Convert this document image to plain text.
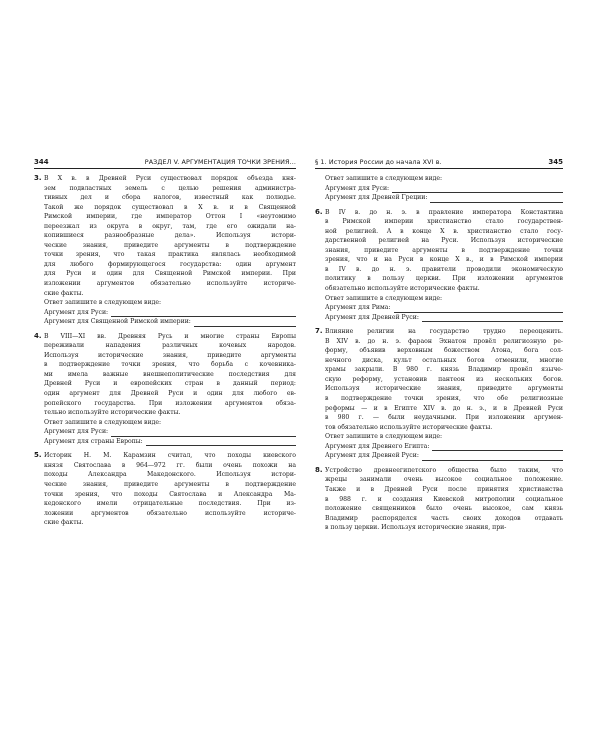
344	РАЗДЕЛ V. АРГУМЕНТАЦИЯ ТОЧКИ ЗРЕНИЯ...
3. В X в. в Древней Руси существовал порядок объезда кня-
зем подвластных земель с целью решения администра-
тивных дел и сбора налогов, известный как полюдье.
Такой же порядок существовал в X в. и в Священной
Римской империи, где император Оттон I «неутомимо
переезжал из округа в округ, там, где его ожидали на-
копившиеся разнообразные дела». Используя истори-
ческие знания, приведите аргументы в подтверждение
точки зрения, что такая практика являлась необходимой
для любого формирующегося государства: один аргумент
для Руси и один для Священной Римской империи. При
изложении аргументов обязательно используйте историче-
ские факты.
Ответ запишите в следующем виде:
Аргумент для Руси:
Аргумент для Священной Римской империи:
4. В VIII—XI вв. Древняя Русь и многие страны Европы
переживали нападения различных кочевых народов.
Используя исторические знания, приведите аргументы
в подтверждение точки зрения, что борьба с кочевника-
ми имела важные внешнеполитические последствия для
Древней Руси и европейских стран в данный период:
один аргумент для Древней Руси и один для любого ев-
ропейского государства. При изложении аргументов обяза-
тельно используйте исторические факты.
Ответ запишите в следующем виде:
Аргумент для Руси:
Аргумент для страны Европы:
5. Историк Н. М. Карамзин считал, что походы киевского
князя Святослава в 964—972 гг. были очень похожи на
походы Александра Македонского. Используя истори-
ческие знания, приведите аргументы в подтверждение
точки зрения, что походы Святослава и Александра Ма-
кедонского имели отрицательные последствия. При из-
ложении аргументов обязательно используйте историче-
ские факты.
§ 1. История России до начала XVI в.	345
Ответ запишите в следующем виде:
Аргумент для Руси:
Аргумент для Древней Греции:
6. В IV в. до н. э. в правление императора Константина
в Римской империи христианство стало государствен-
ной религией. А в конце X в. христианство стало госу-
дарственной религией на Руси. Используя исторические
знания, приведите аргументы в подтверждение точки
зрения, что и на Руси в конце X в., и в Римской империи
в IV в. до н. э. правители проводили экономическую
политику в пользу церкви. При изложении аргументов
обязательно используйте исторические факты.
Ответ запишите в следующем виде:
Аргумент для Рима:
Аргумент для Древней Руси:
7. Влияние религии на государство трудно переоценить.
В XIV в. до н. э. фараон Эхнатон провёл религиозную ре-
форму, объявив верховным божеством Атона, бога сол-
нечного диска, культ остальных богов отменили, многие
храмы закрыли. В 980 г. князь Владимир провёл языче-
скую реформу, установив пантеон из нескольких богов.
Используя исторические знания, приведите аргументы
в подтверждение точки зрения, что обе религиозные
реформы — и в Египте XIV в. до н. э., и в Древней Руси
в 980 г. — были неудачными. При изложении аргумен-
тов обязательно используйте исторические факты.
Ответ запишите в следующем виде:
Аргумент для Древнего Египта:
Аргумент для Древней Руси:
8. Устройство древнеегипетского общества было таким, что
жрецы занимали очень высокое социальное положение.
Также и в Древней Руси после принятия христианства
в 988 г. и создания Киевской митрополии социальное
положение священников было очень высокое, сам князь
Владимир распоряделся часть своих доходов отдавать
в пользу церкви. Используя исторические знания, при-
